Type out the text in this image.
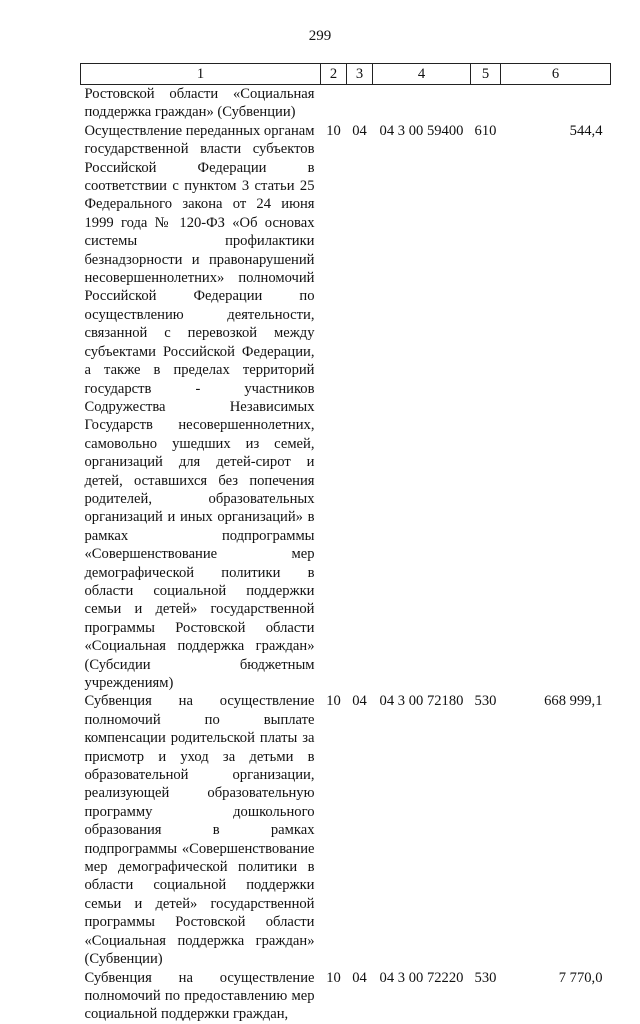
299
1	2	3	4	5	6
Ростовской области «Социальная поддержка граждан» (Субвенции)					
Осуществление переданных органам государственной власти субъектов Российской Федерации в соответствии с пунктом 3 статьи 25 Федерального закона от 24 июня 1999 года № 120-ФЗ «Об основах системы профилактики безнадзорности и правонарушений несовершеннолетних» полномочий Российской Федерации по осуществлению деятельности, связанной с перевозкой между субъектами Российской Федерации, а также в пределах территорий государств - участников Содружества Независимых Государств несовершеннолетних, самовольно ушедших из семей, организаций для детей-сирот и детей, оставшихся без попечения родителей, образовательных организаций и иных организаций» в рамках подпрограммы «Совершенствование мер демографической политики в области социальной поддержки семьи и детей» государственной программы Ростовской области «Социальная поддержка граждан» (Субсидии бюджетным учреждениям)	10	04	04 3 00 59400	610	544,4
Субвенция на осуществление полномочий по выплате компенсации родительской платы за присмотр и уход за детьми в образовательной организации, реализующей образовательную программу дошкольного образования в рамках подпрограммы «Совершенствование мер демографической политики в области социальной поддержки семьи и детей» государственной программы Ростовской области «Социальная поддержка граждан» (Субвенции)	10	04	04 3 00 72180	530	668 999,1
Субвенция на осуществление полномочий по предоставлению мер социальной поддержки граждан,	10	04	04 3 00 72220	530	7 770,0
